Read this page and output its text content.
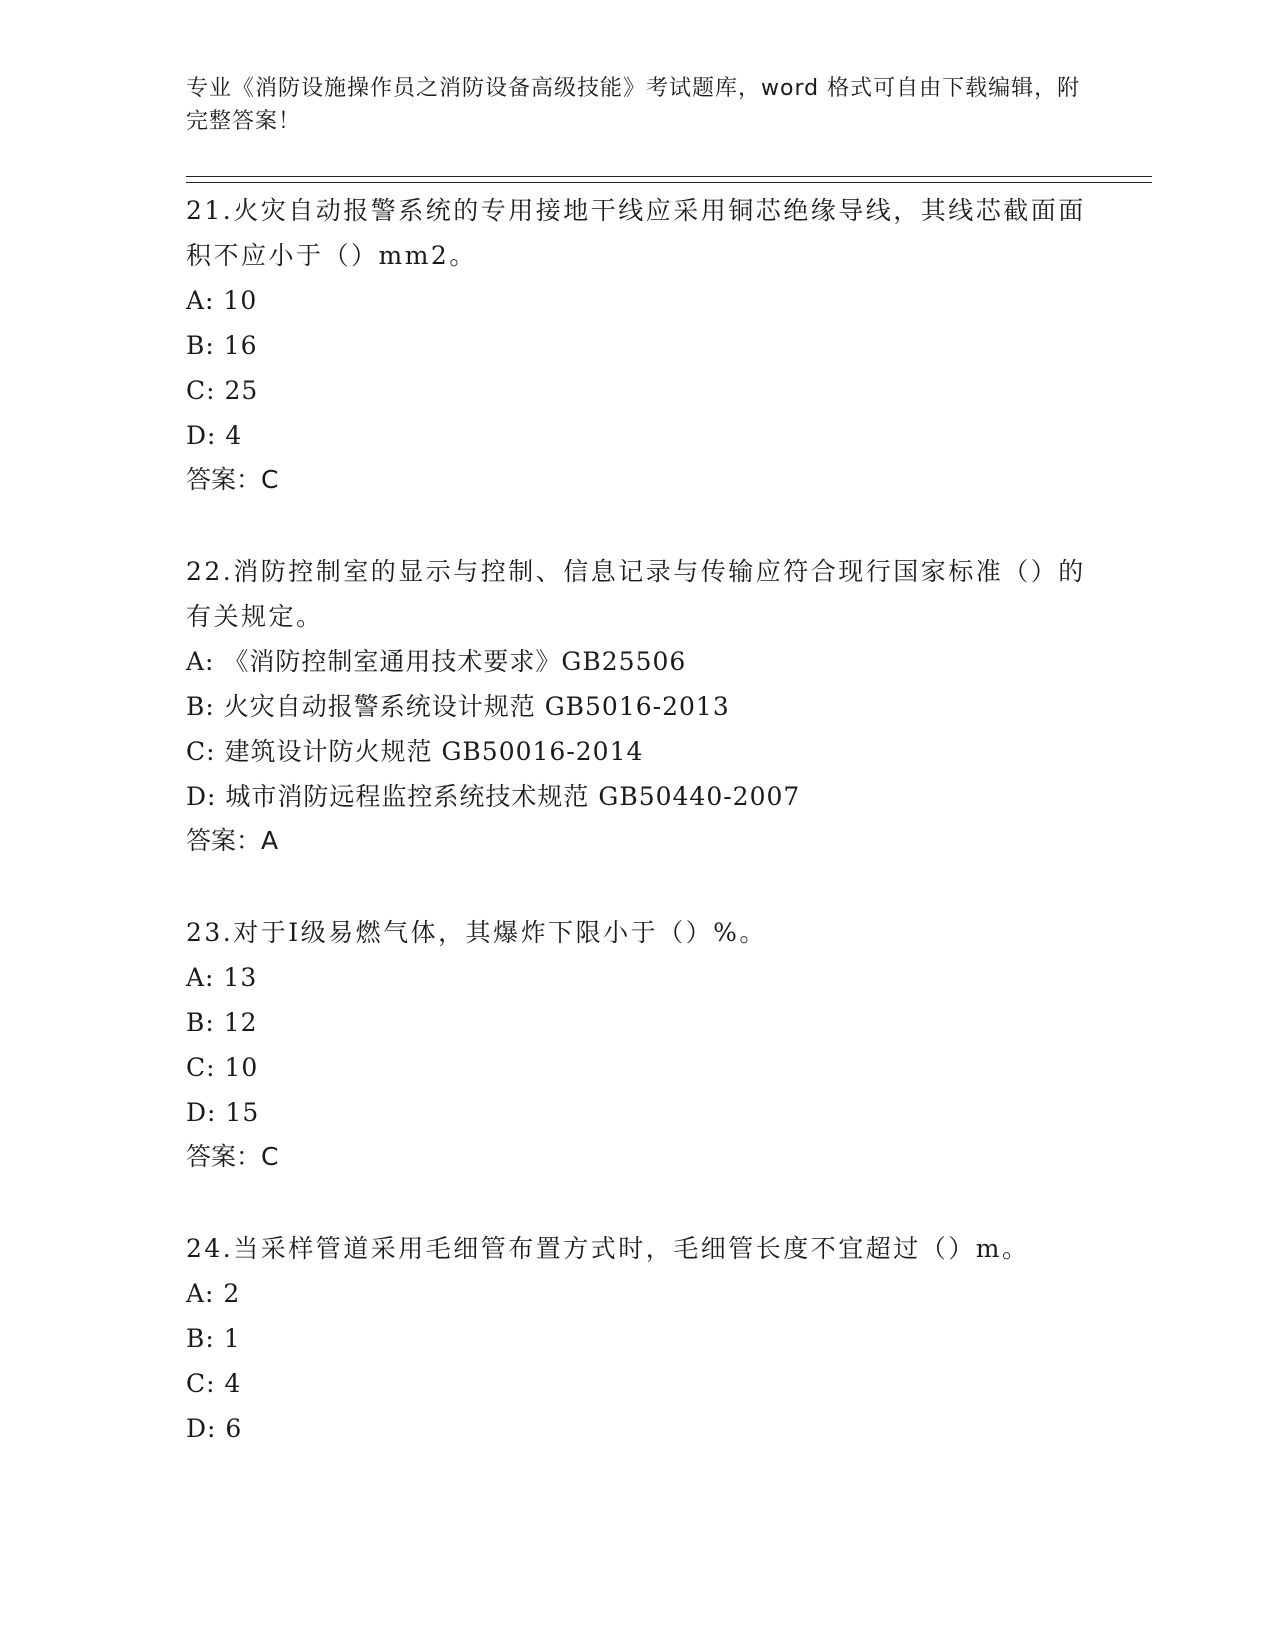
专业《消防设施操作员之消防设备高级技能》考试题库，word 格式可自由下载编辑，附完整答案！

21.火灾自动报警系统的专用接地干线应采用铜芯绝缘导线，其线芯截面面积不应小于（）mm2。

A: 10

B: 16

C: 25

D: 4

答案：C

22.消防控制室的显示与控制、信息记录与传输应符合现行国家标准（）的有关规定。

A: 《消防控制室通用技术要求》GB25506

B: 火灾自动报警系统设计规范 GB5016-2013

C: 建筑设计防火规范 GB50016-2014

D: 城市消防远程监控系统技术规范 GB50440-2007

答案：A

23.对于Ⅰ级易燃气体，其爆炸下限小于（）%。

A: 13

B: 12

C: 10

D: 15

答案：C

24.当采样管道采用毛细管布置方式时，毛细管长度不宜超过（）m。

A: 2

B: 1

C: 4

D: 6
